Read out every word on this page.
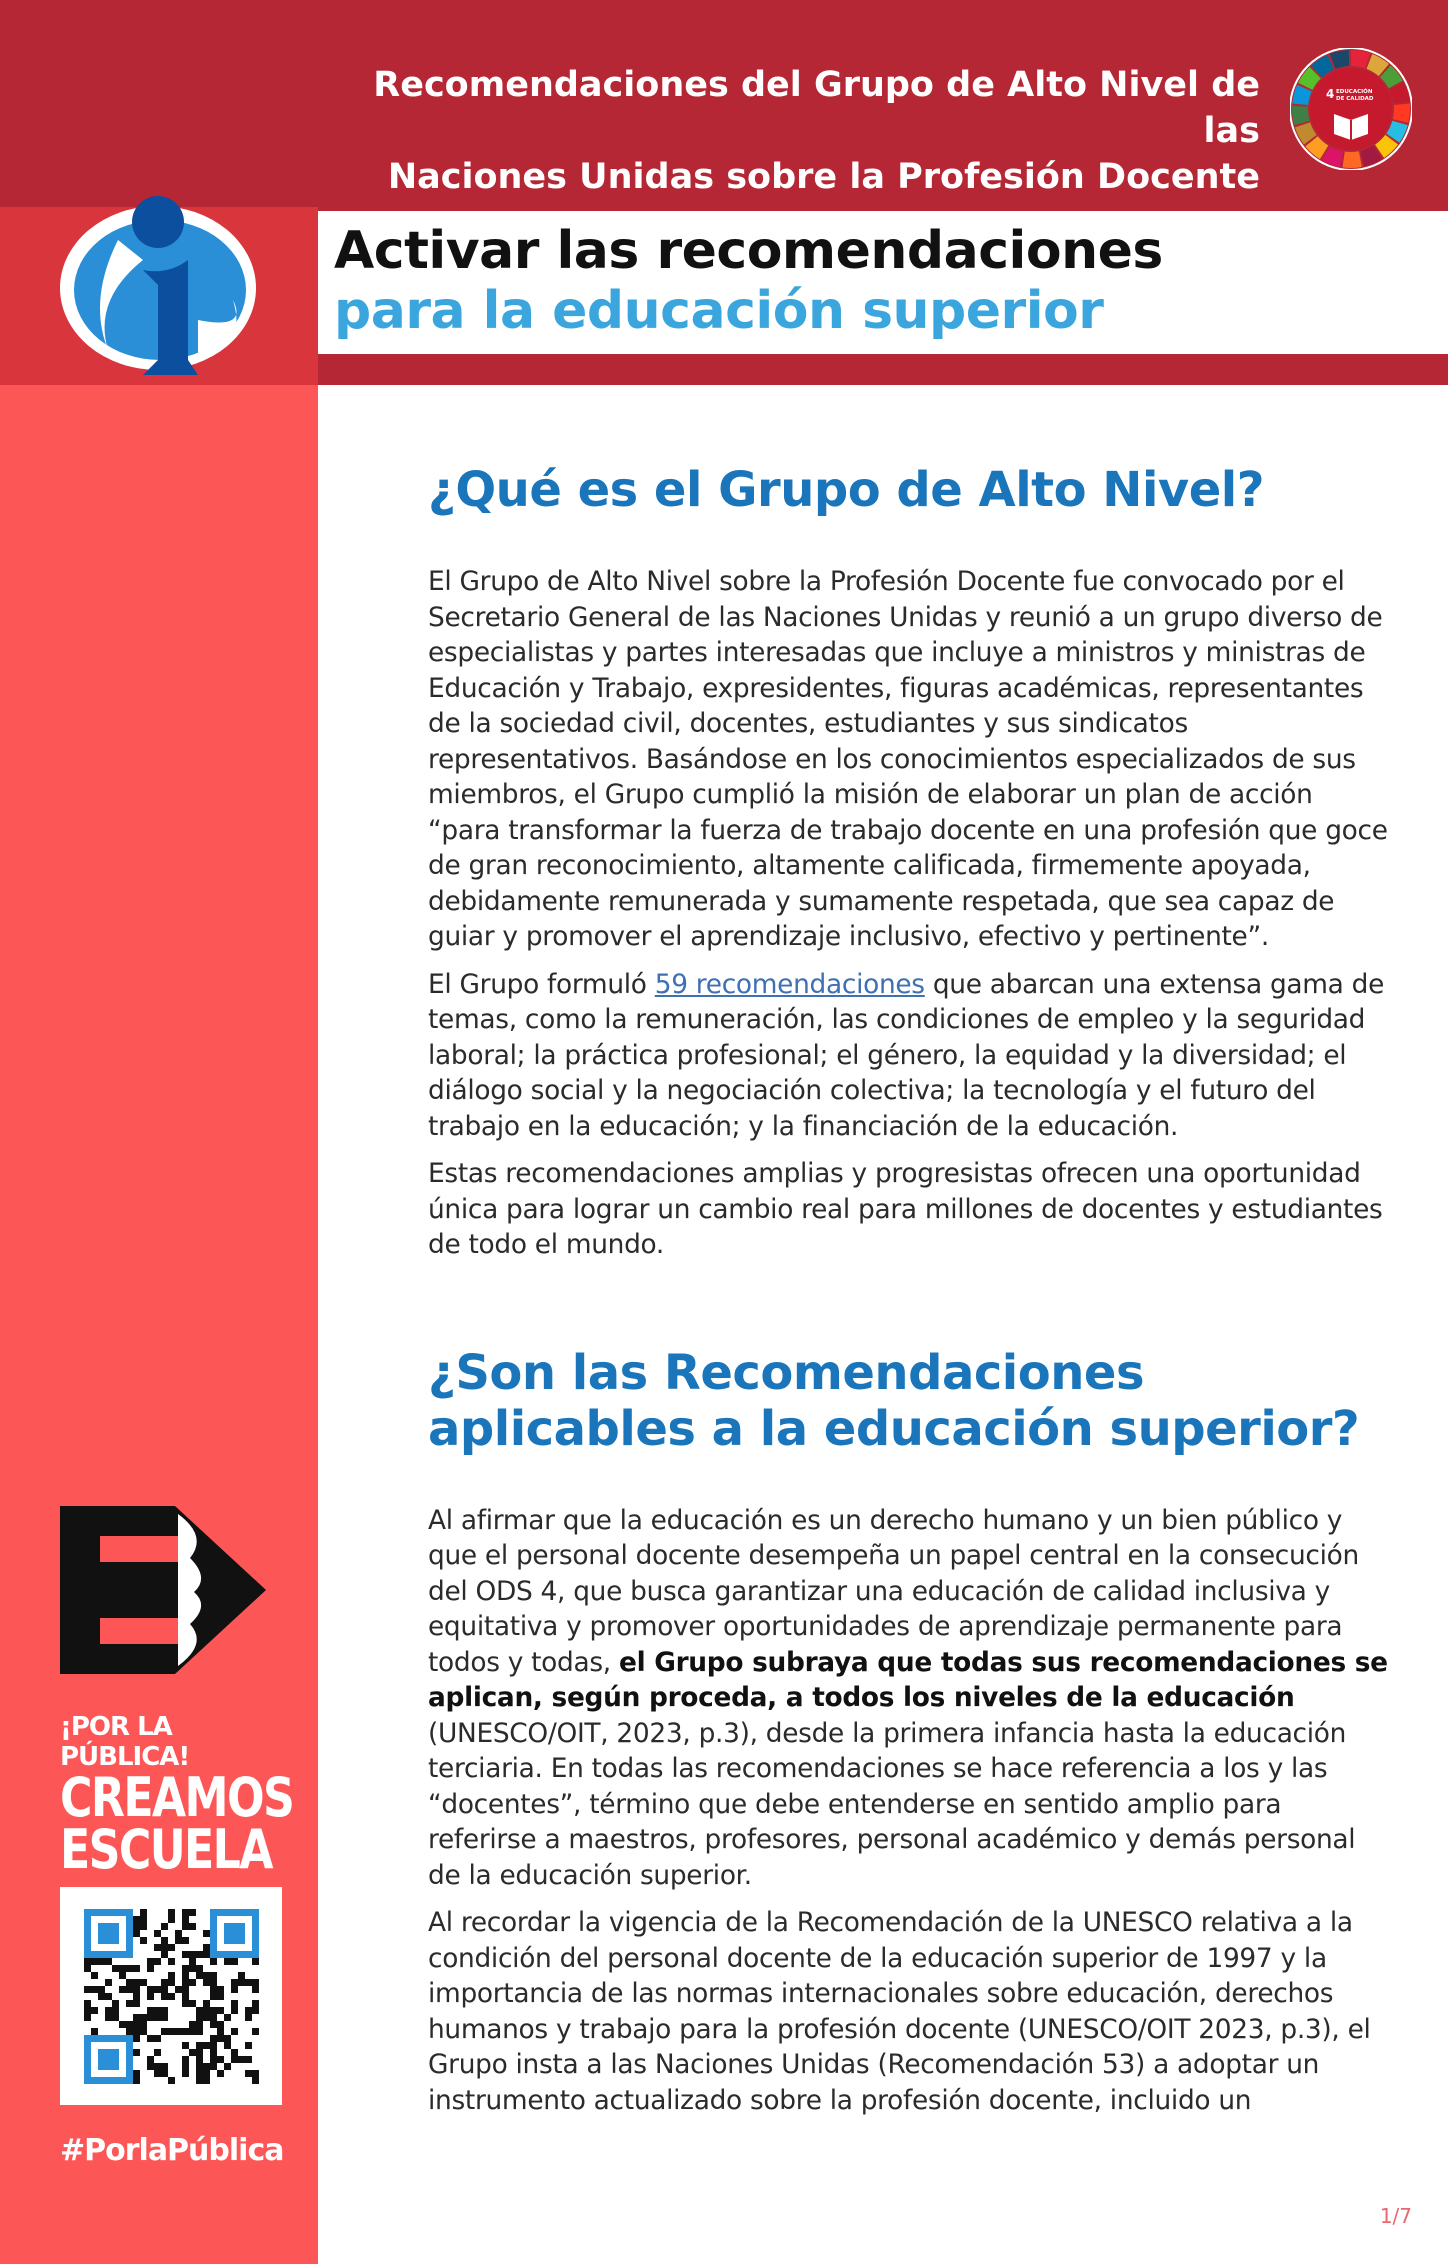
Recomendaciones del Grupo de Alto Nivel de las
Naciones Unidas sobre la Profesión Docente
4 EDUCACIÓN
DE CALIDAD
Activar las recomendaciones
para la educación superior
¿Qué es el Grupo de Alto Nivel?

El Grupo de Alto Nivel sobre la Profesión Docente fue convocado por el Secretario General de las Naciones Unidas y reunió a un grupo diverso de especialistas y partes interesadas que incluye a ministros y ministras de Educación y Trabajo, expresidentes, figuras académicas, representantes de la sociedad civil, docentes, estudiantes y sus sindicatos representativos. Basándose en los conocimientos especializados de sus miembros, el Grupo cumplió la misión de elaborar un plan de acción “para transformar la fuerza de trabajo docente en una profesión que goce de gran reconocimiento, altamente calificada, firmemente apoyada, debidamente remunerada y sumamente respetada, que sea capaz de guiar y promover el aprendizaje inclusivo, efectivo y pertinente”.

El Grupo formuló 59 recomendaciones que abarcan una extensa gama de temas, como la remuneración, las condiciones de empleo y la seguridad laboral; la práctica profesional; el género, la equidad y la diversidad; el diálogo social y la negociación colectiva; la tecnología y el futuro del trabajo en la educación; y la financiación de la educación.

Estas recomendaciones amplias y progresistas ofrecen una oportunidad única para lograr un cambio real para millones de docentes y estudiantes de todo el mundo.

¿Son las Recomendaciones aplicables a la educación superior?

Al afirmar que la educación es un derecho humano y un bien público y que el personal docente desempeña un papel central en la consecución del ODS 4, que busca garantizar una educación de calidad inclusiva y equitativa y promover oportunidades de aprendizaje permanente para todos y todas, el Grupo subraya que todas sus recomendaciones se aplican, según proceda, a todos los niveles de la educación (UNESCO/OIT, 2023, p.3), desde la primera infancia hasta la educación terciaria. En todas las recomendaciones se hace referencia a los y las “docentes”, término que debe entenderse en sentido amplio para referirse a maestros, profesores, personal académico y demás personal de la educación superior.

Al recordar la vigencia de la Recomendación de la UNESCO relativa a la condición del personal docente de la educación superior de 1997 y la importancia de las normas internacionales sobre educación, derechos humanos y trabajo para la profesión docente (UNESCO/OIT 2023, p.3), el Grupo insta a las Naciones Unidas (Recomendación 53) a adoptar un instrumento actualizado sobre la profesión docente, incluido un

¡POR LA PÚBLICA!
CREAMOS
ESCUELA
#PorlaPública
1/7
